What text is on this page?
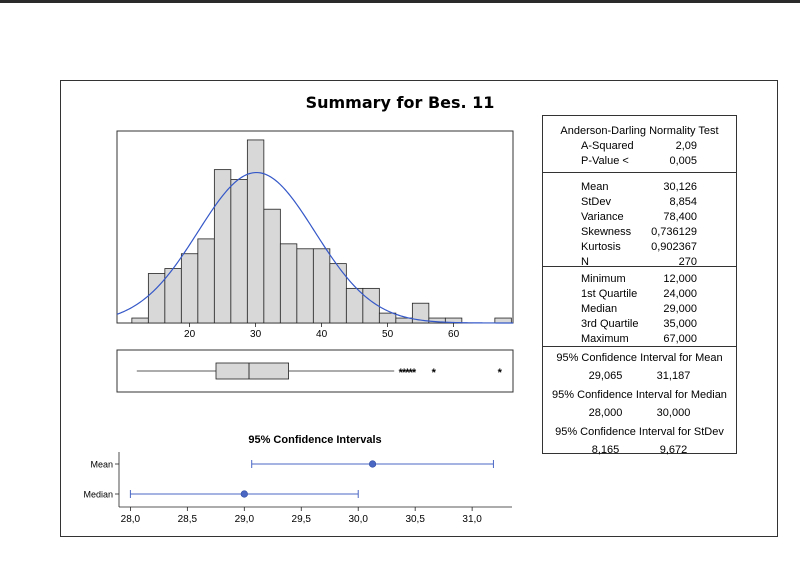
Summary for Bes. 11
20	30	40	50	60
* * * * * *	*
95% Confidence Intervals
28,0	28,5	29,0	29,5	30,0	30,5	31,0
Mean
Median
Anderson-Darling Normality Test
A-Squared	2,09
P-Value <	0,005
Mean	30,126
StDev	8,854
Variance	78,400
Skewness	0,736129
Kurtosis	0,902367
N	270
Minimum	12,000
1st Quartile	24,000
Median	29,000
3rd Quartile	35,000
Maximum	67,000
95% Confidence Interval for Mean
29,065	31,187
95% Confidence Interval for Median
28,000	30,000
95% Confidence Interval for StDev
8,165	9,672
